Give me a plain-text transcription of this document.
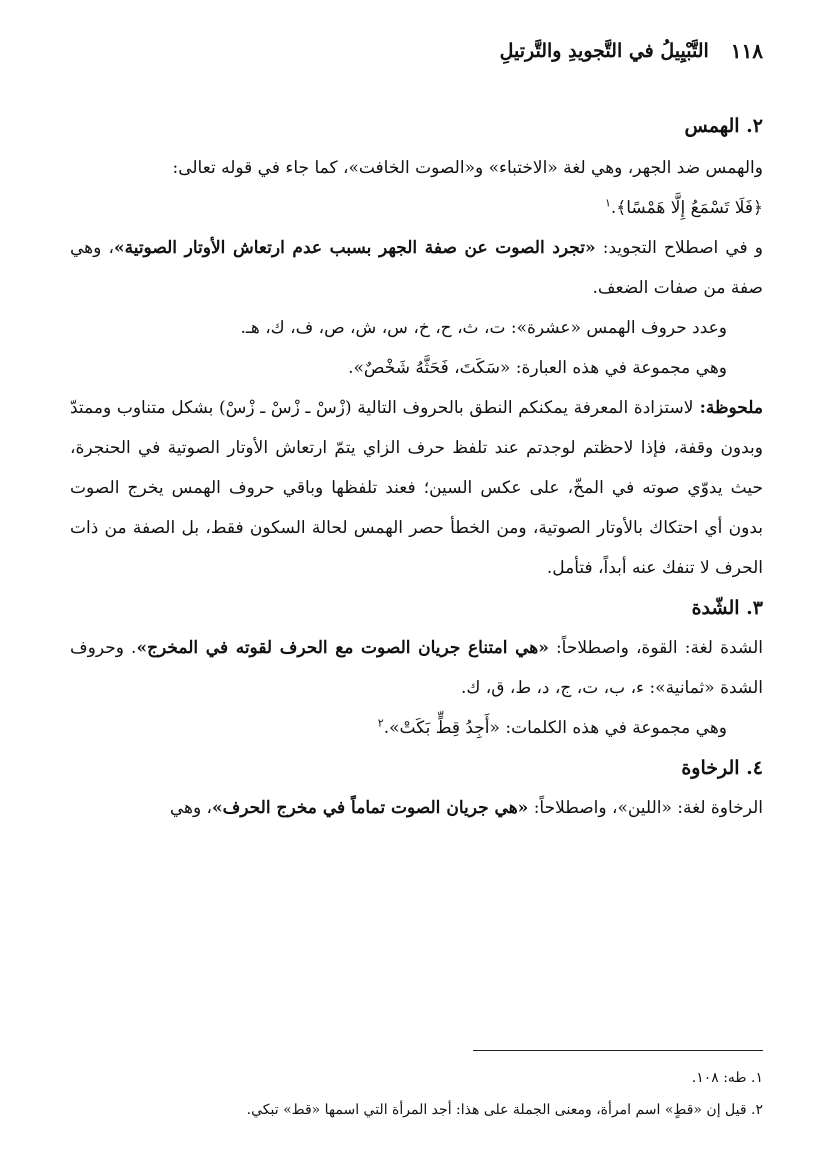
١١٨
التَّبْيِيلُ في التَّجويدِ والتَّرتيلِ
٢. الهمس

والهمس ضد الجهر، وهي لغة «الاختباء» و«الصوت الخافت»، كما جاء في قوله تعالى:
﴿فَلَا تَسْمَعُ إِلَّا هَمْسًا﴾.$^١$

و في اصطلاح التجويد: «تجرد الصوت عن صفة الجهر بسبب عدم ارتعاش الأوتار الصوتية»، وهي صفة من صفات الضعف.

وعدد حروف الهمس «عشرة»: ت، ث، ح، خ، س، ش، ص، ف، ك، هـ.

وهي مجموعة في هذه العبارة: «سَكَتَ، فَحَثَّهُ شَخْصٌ».

ملحوظة: لاستزادة المعرفة يمكنكم النطق بالحروف التالية (زْسْ ـ زْسْ ـ زْسْ) بشكل متناوب وممتدّ وبدون وقفة، فإذا لاحظتم لوجدتم عند تلفظ حرف الزاي يتمّ ارتعاش الأوتار الصوتية في الحنجرة، حيث يدوّي صوته في المخّ، على عكس السين؛ فعند تلفظها وباقي حروف الهمس يخرج الصوت بدون أي احتكاك بالأوتار الصوتية، ومن الخطأ حصر الهمس لحالة السكون فقط، بل الصفة من ذات الحرف لا تنفك عنه أبداً، فتأمل.

٣. الشّدة

الشدة لغة: القوة، واصطلاحاً: «هي امتناع جريان الصوت مع الحرف لقوته في المخرج». وحروف الشدة «ثمانية»: ء، ب، ت، ج، د، ط، ق، ك.

وهي مجموعة في هذه الكلمات: «أَجِدُ قِطٍّ بَكَتْ».$^٢$

٤. الرخاوة

الرخاوة لغة: «اللين»، واصطلاحاً: «هي جريان الصوت تماماً في مخرج الحرف»، وهي

١. طه: ١٠٨.

٢. قيل إن «قطٍ» اسم امرأة، ومعنى الجملة على هذا: أجد المرأة التي اسمها «قط» تبكي.
